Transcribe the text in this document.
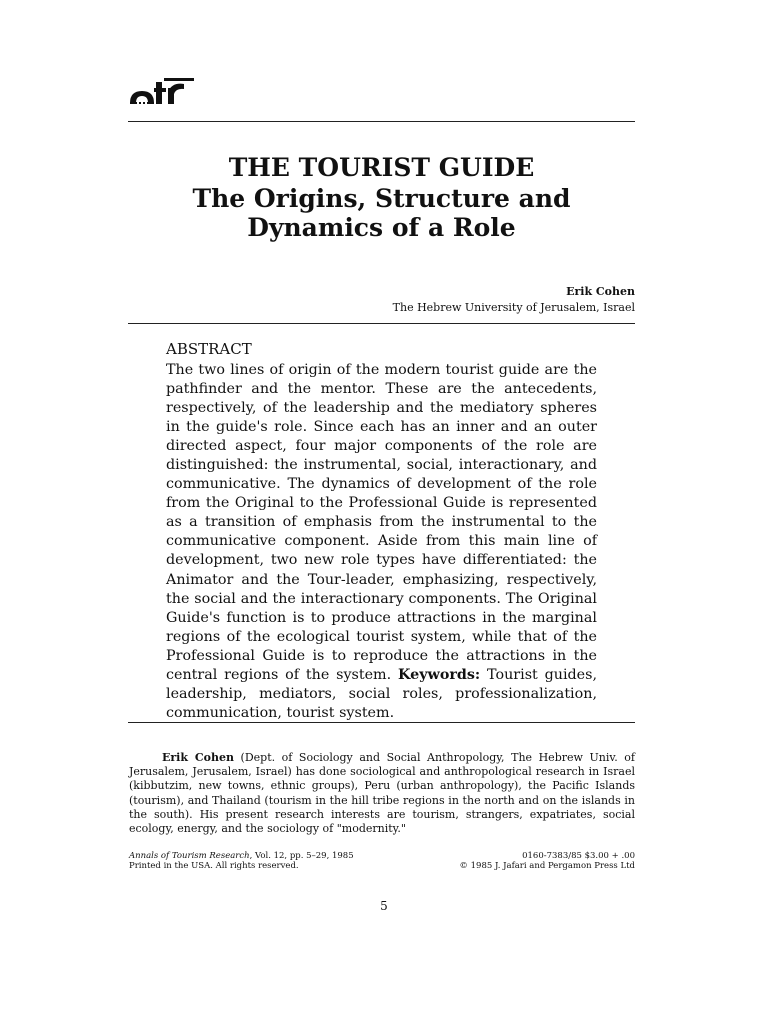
THE TOURIST GUIDE
The Origins, Structure and
Dynamics of a Role
Erik Cohen
The Hebrew University of Jerusalem, Israel
ABSTRACT

The two lines of origin of the modern tourist guide are the pathfinder and the mentor. These are the antecedents, respectively, of the leadership and the mediatory spheres in the guide's role. Since each has an inner and an outer directed aspect, four major components of the role are distinguished: the instrumental, social, interactionary, and communicative. The dynamics of development of the role from the Original to the Professional Guide is represented as a transition of emphasis from the instrumental to the communicative component. Aside from this main line of development, two new role types have differentiated: the Animator and the Tour-leader, emphasizing, respectively, the social and the interactionary components. The Original Guide's function is to produce attractions in the marginal regions of the ecological tourist system, while that of the Professional Guide is to reproduce the attractions in the central regions of the system. Keywords: Tourist guides, leadership, mediators, social roles, professionalization, communication, tourist system.

   Erik Cohen (Dept. of Sociology and Social Anthropology, The Hebrew Univ. of Jerusalem, Jerusalem, Israel) has done sociological and anthropological research in Israel (kibbutzim, new towns, ethnic groups), Peru (urban anthropology), the Pacific Islands (tourism), and Thailand (tourism in the hill tribe regions in the north and on the islands in the south). His present research interests are tourism, strangers, expatriates, social ecology, energy, and the sociology of "modernity."

Annals of Tourism Research, Vol. 12, pp. 5–29, 1985
Printed in the USA. All rights reserved.
0160-7383/85 $3.00 + .00
© 1985 J. Jafari and Pergamon Press Ltd
5
